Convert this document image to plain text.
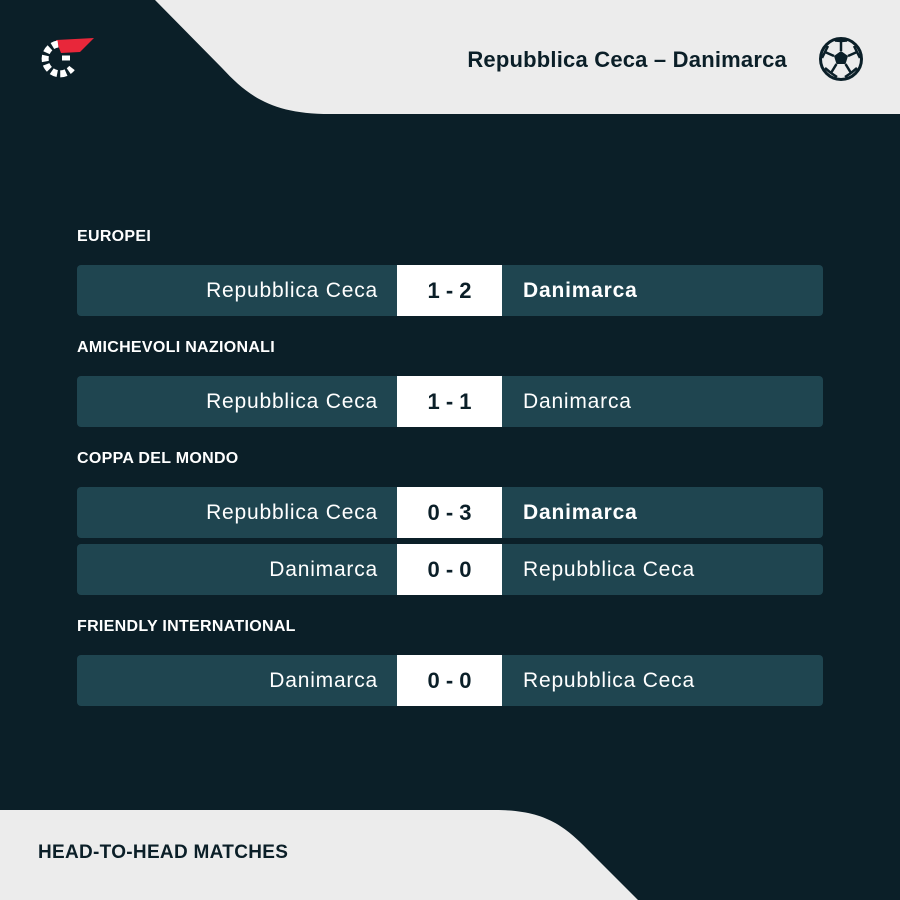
Repubblica Ceca – Danimarca
EUROPEI
Repubblica Ceca	1 - 2	Danimarca
AMICHEVOLI NAZIONALI
Repubblica Ceca	1 - 1	Danimarca
COPPA DEL MONDO
Repubblica Ceca	0 - 3	Danimarca
Danimarca	0 - 0	Repubblica Ceca
FRIENDLY INTERNATIONAL
Danimarca	0 - 0	Repubblica Ceca
HEAD-TO-HEAD MATCHES
